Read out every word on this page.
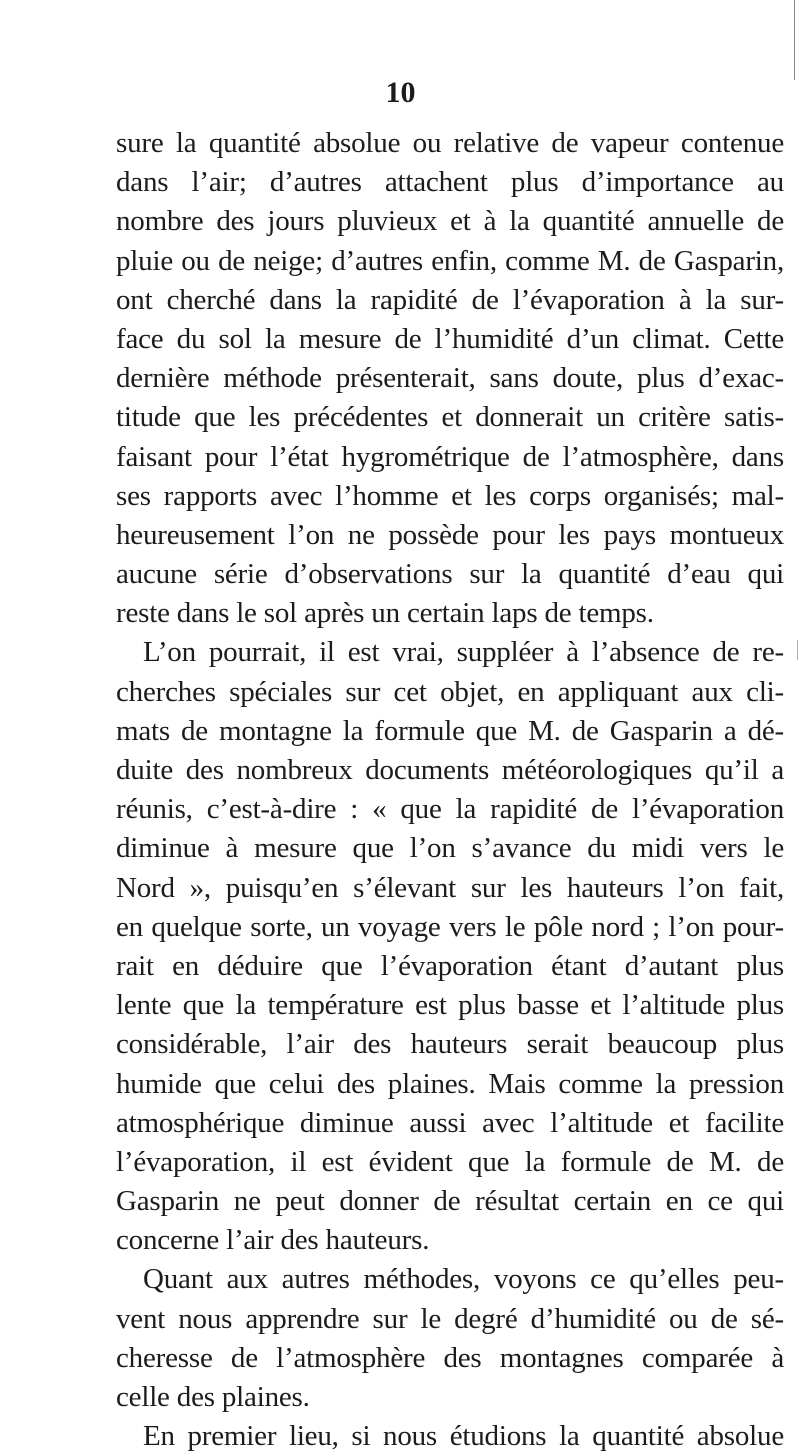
10
sure la quantité absolue ou relative de vapeur contenue
dans l’air; d’autres attachent plus d’importance au
nombre des jours pluvieux et à la quantité annuelle de
pluie ou de neige; d’autres enfin, comme M. de Gasparin,
ont cherché dans la rapidité de l’évaporation à la sur-
face du sol la mesure de l’humidité d’un climat. Cette
dernière méthode présenterait, sans doute, plus d’exac-
titude que les précédentes et donnerait un critère satis-
faisant pour l’état hygrométrique de l’atmosphère, dans
ses rapports avec l’homme et les corps organisés; mal-
heureusement l’on ne possède pour les pays montueux
aucune série d’observations sur la quantité d’eau qui
reste dans le sol après un certain laps de temps.
L’on pourrait, il est vrai, suppléer à l’absence de re-
cherches spéciales sur cet objet, en appliquant aux cli-
mats de montagne la formule que M. de Gasparin a dé-
duite des nombreux documents météorologiques qu’il a
réunis, c’est-à-dire : « que la rapidité de l’évaporation
diminue à mesure que l’on s’avance du midi vers le
Nord », puisqu’en s’élevant sur les hauteurs l’on fait,
en quelque sorte, un voyage vers le pôle nord ; l’on pour-
rait en déduire que l’évaporation étant d’autant plus
lente que la température est plus basse et l’altitude plus
considérable, l’air des hauteurs serait beaucoup plus
humide que celui des plaines. Mais comme la pression
atmosphérique diminue aussi avec l’altitude et facilite
l’évaporation, il est évident que la formule de M. de
Gasparin ne peut donner de résultat certain en ce qui
concerne l’air des hauteurs.
Quant aux autres méthodes, voyons ce qu’elles peu-
vent nous apprendre sur le degré d’humidité ou de sé-
cheresse de l’atmosphère des montagnes comparée à
celle des plaines.
En premier lieu, si nous étudions la quantité absolue
